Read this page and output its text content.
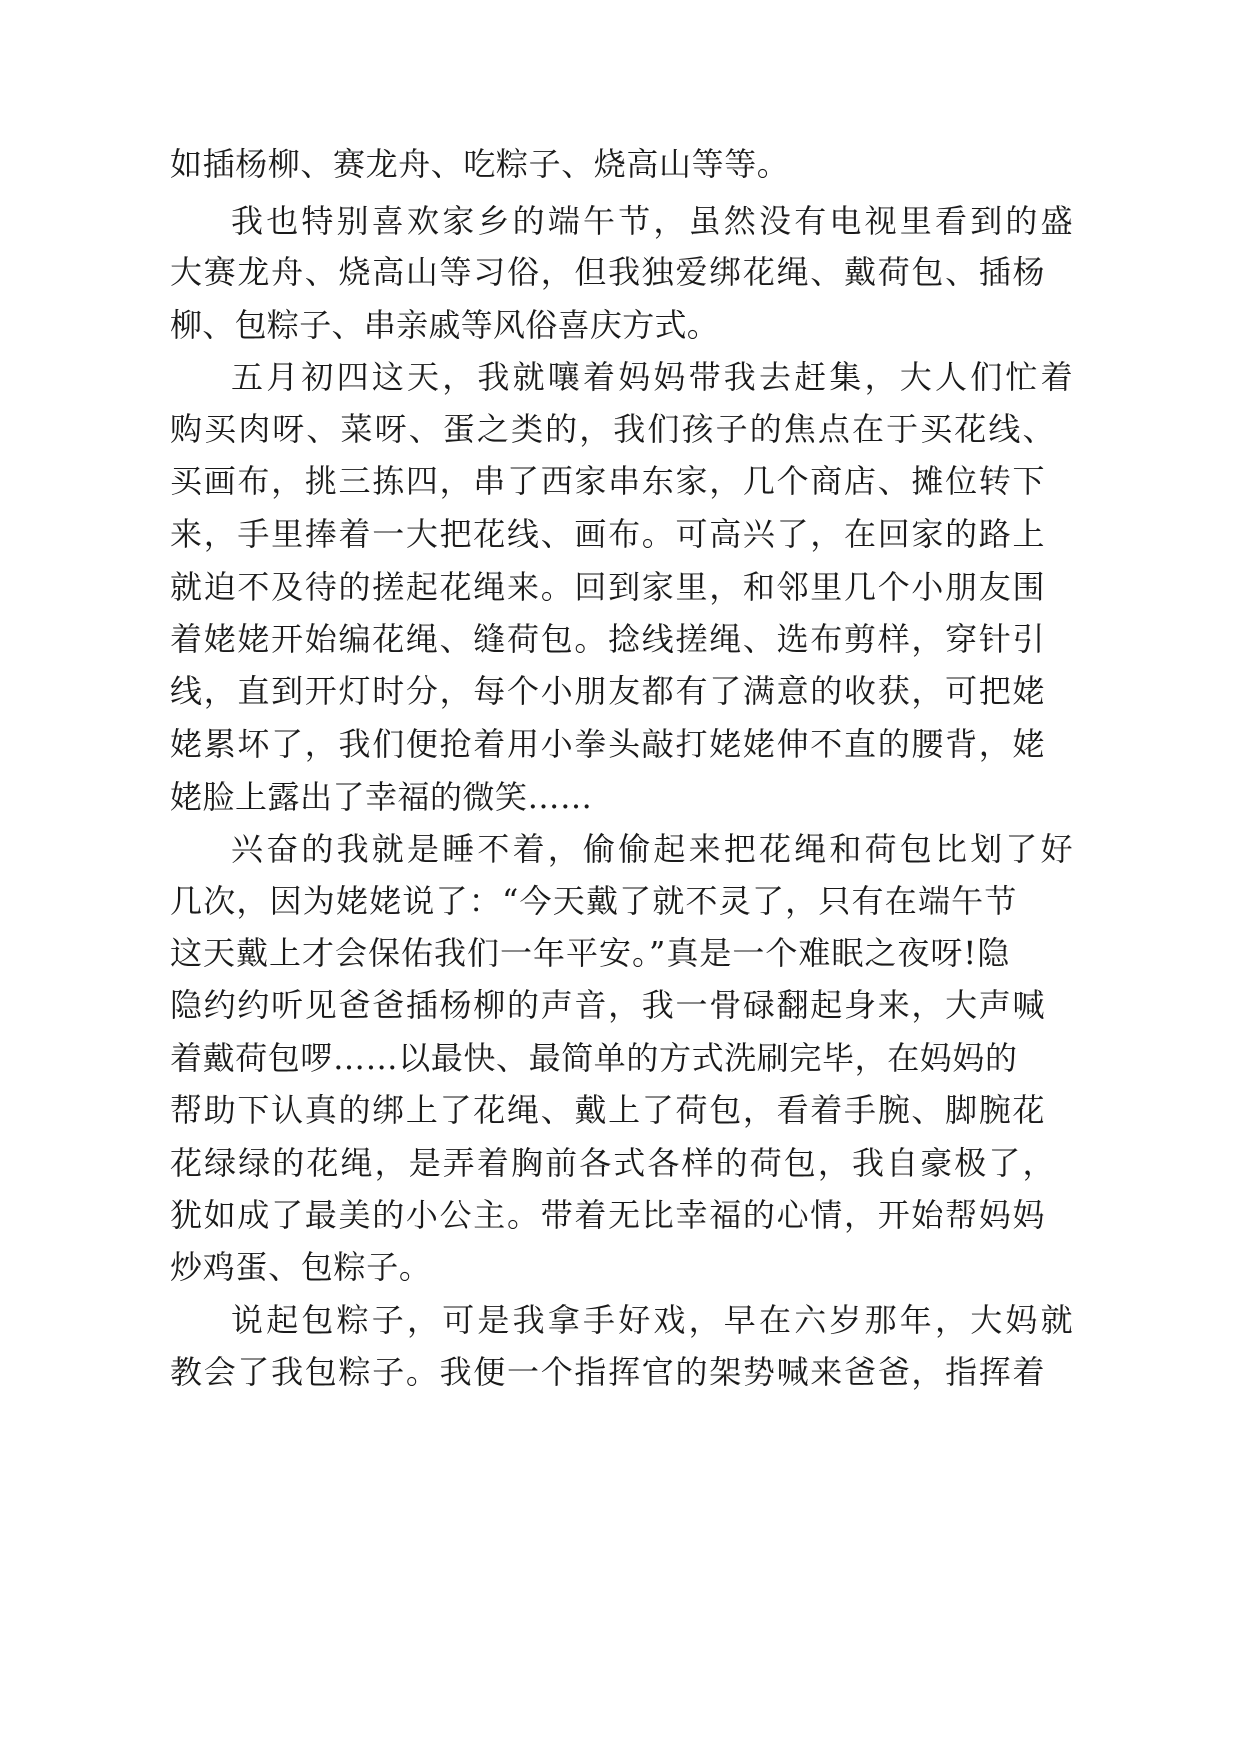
如插杨柳、赛龙舟、吃粽子、烧高山等等。

我也特别喜欢家乡的端午节，虽然没有电视里看到的盛

大赛龙舟、烧高山等习俗，但我独爱绑花绳、戴荷包、插杨

柳、包粽子、串亲戚等风俗喜庆方式。

五月初四这天，我就嚷着妈妈带我去赶集，大人们忙着

购买肉呀、菜呀、蛋之类的，我们孩子的焦点在于买花线、

买画布，挑三拣四，串了西家串东家，几个商店、摊位转下

来，手里捧着一大把花线、画布。可高兴了，在回家的路上

就迫不及待的搓起花绳来。回到家里，和邻里几个小朋友围

着姥姥开始编花绳、缝荷包。捻线搓绳、选布剪样，穿针引

线，直到开灯时分，每个小朋友都有了满意的收获，可把姥

姥累坏了，我们便抢着用小拳头敲打姥姥伸不直的腰背，姥

姥脸上露出了幸福的微笑……

兴奋的我就是睡不着，偷偷起来把花绳和荷包比划了好

几次，因为姥姥说了：“今天戴了就不灵了，只有在端午节

这天戴上才会保佑我们一年平安。”真是一个难眠之夜呀!隐

隐约约听见爸爸插杨柳的声音，我一骨碌翻起身来，大声喊

着戴荷包啰……以最快、最简单的方式洗刷完毕，在妈妈的

帮助下认真的绑上了花绳、戴上了荷包，看着手腕、脚腕花

花绿绿的花绳，是弄着胸前各式各样的荷包，我自豪极了，

犹如成了最美的小公主。带着无比幸福的心情，开始帮妈妈

炒鸡蛋、包粽子。

说起包粽子，可是我拿手好戏，早在六岁那年，大妈就

教会了我包粽子。我便一个指挥官的架势喊来爸爸，指挥着
